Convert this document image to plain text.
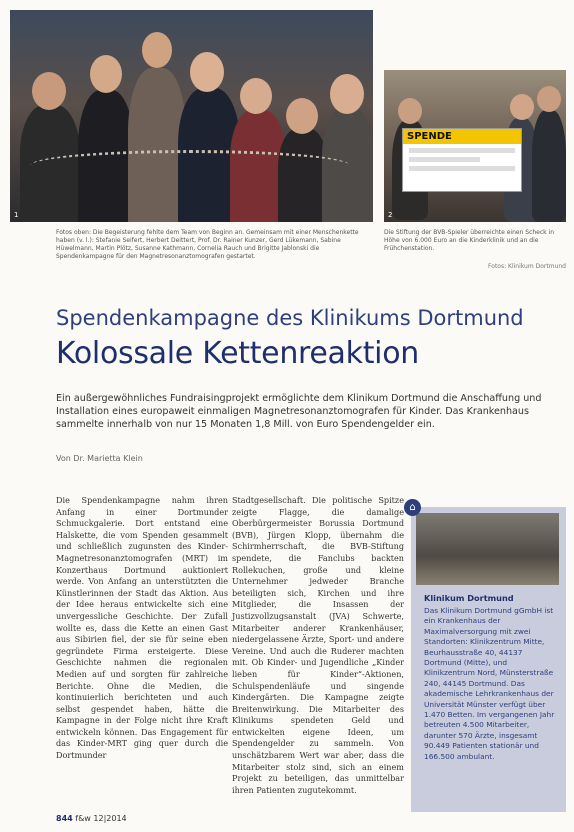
1
SPENDE
2

Fotos oben: Die Begeisterung fehlte dem Team von Beginn an. Gemeinsam mit einer Menschenkette haben (v. l.): Stefanie Seifert, Herbert Deittert, Prof. Dr. Rainer Kunzer, Gerd Lükemann, Sabine Hüwelmann, Martin Plötz, Susanne Kathmann, Cornelia Rauch und Brigitte Jablonski die Spendenkampagne für den Magnetresonanztomografen gestartet.

Die Stiftung der BVB-Spieler überreichte einen Scheck in Höhe von 6.000 Euro an die Kinderklinik und an die Frühchenstation.

Fotos: Klinikum Dortmund

Spendenkampagne des Klinikums Dortmund
Kolossale Kettenreaktion

Ein außergewöhnliches Fundraisingprojekt ermöglichte dem Klinikum Dortmund die Anschaffung und Installation eines europaweit einmaligen Magnetresonanztomografen für Kinder. Das Krankenhaus sammelte innerhalb von nur 15 Monaten 1,8 Mill. von Euro Spendengelder ein.

Von Dr. Marietta Klein

Die Spendenkampagne nahm ihren Anfang in einer Dortmunder Schmuckgalerie. Dort entstand eine Halskette, die vom Spenden gesammelt und schließlich zugunsten des Kinder-Magnetresonanztomografen (MRT) im Konzerthaus Dortmund auktioniert werde. Von Anfang an unterstützten die Künstlerinnen der Stadt das Aktion. Aus der Idee heraus entwickelte sich eine unvergessliche Geschichte. Der Zufall wollte es, dass die Kette an einen Gast aus Sibirien fiel, der sie für seine eben gegründete Firma ersteigerte. Diese Geschichte nahmen die regionalen Medien auf und sorgten für zahlreiche Berichte. Ohne die Medien, die kontinuierlich berichteten und auch selbst gespendet haben, hätte die Kampagne in der Folge nicht ihre Kraft entwickeln können. Das Engagement für das Kinder-MRT ging quer durch die Dortmunder

Stadtgesellschaft. Die politische Spitze zeigte Flagge, die damalige Oberbürgermeister Borussia Dortmund (BVB), Jürgen Klopp, übernahm die Schirmherrschaft, die BVB-Stiftung spendete, die Fanclubs backten Rollekuchen, große und kleine Unternehmer jedweder Branche beteiligten sich, Kirchen und ihre Mitglieder, die Insassen der Justizvollzugsanstalt (JVA) Schwerte, Mitarbeiter anderer Krankenhäuser, niedergelassene Ärzte, Sport- und andere Vereine. Und auch die Ruderer machten mit. Ob Kinder- und Jugendliche „Kinder lieben für Kinder“-Aktionen, Schulspendenläufe und singende Kindergärten. Die Kampagne zeigte Breitenwirkung. Die Mitarbeiter des Klinikums spendeten Geld und entwickelten eigene Ideen, um Spendengelder zu sammeln. Von unschätzbarem Wert war aber, dass die Mitarbeiter stolz sind, sich an einem Projekt zu beteiligen, das unmittelbar ihren Patienten zugutekommt.

⌂

Klinikum Dortmund

Das Klinikum Dortmund gGmbH ist ein Krankenhaus der Maximalversorgung mit zwei Standorten: Klinikzentrum Mitte, Beurhausstraße 40, 44137 Dortmund (Mitte), und Klinikzentrum Nord, Münsterstraße 240, 44145 Dortmund. Das akademische Lehrkrankenhaus der Universität Münster verfügt über 1.470 Betten. Im vergangenen Jahr betreuten 4.500 Mitarbeiter, darunter 570 Ärzte, insgesamt 90.449 Patienten stationär und 166.500 ambulant.

844 f&w 12|2014
